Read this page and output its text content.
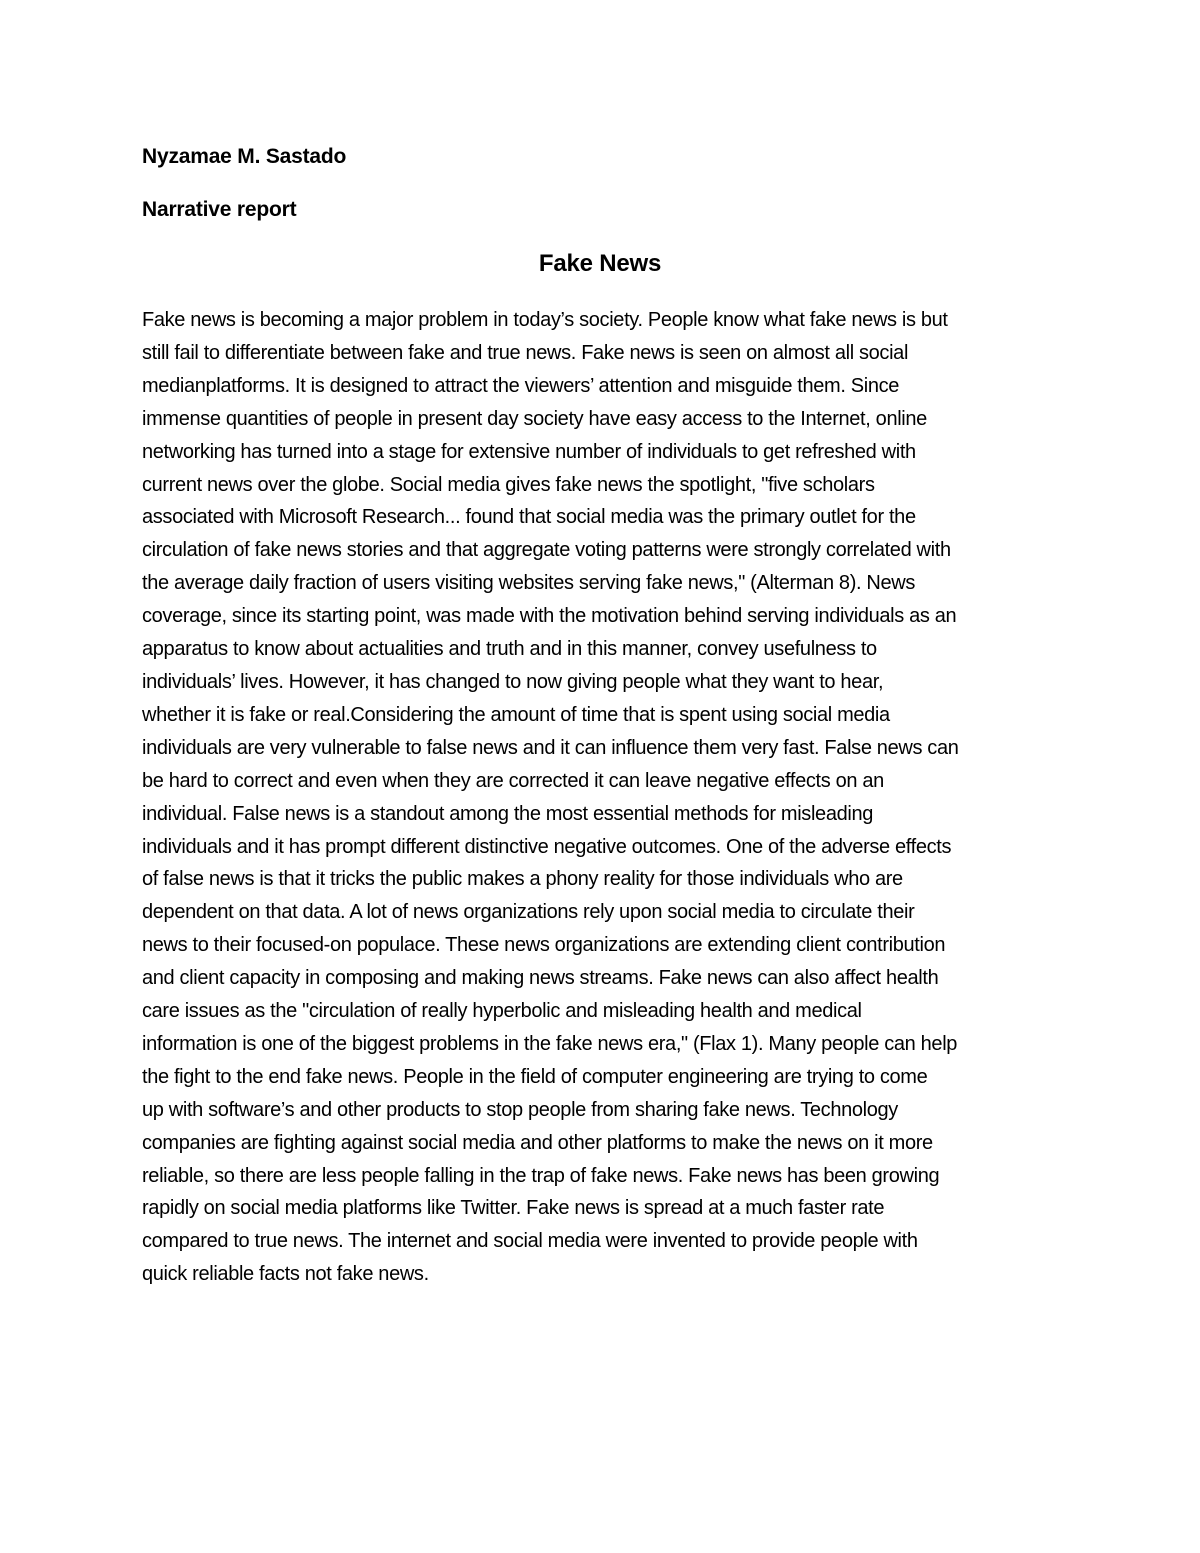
Nyzamae M. Sastado
Narrative report
Fake News
Fake news is becoming a major problem in today’s society. People know what fake news is but
still fail to differentiate between fake and true news. Fake news is seen on almost all social
medianplatforms. It is designed to attract the viewers’ attention and misguide them. Since
immense quantities of people in present day society have easy access to the Internet, online
networking has turned into a stage for extensive number of individuals to get refreshed with
current news over the globe. Social media gives fake news the spotlight, "five scholars
associated with Microsoft Research... found that social media was the primary outlet for the
circulation of fake news stories and that aggregate voting patterns were strongly correlated with
the average daily fraction of users visiting websites serving fake news," (Alterman 8). News
coverage, since its starting point, was made with the motivation behind serving individuals as an
apparatus to know about actualities and truth and in this manner, convey usefulness to
individuals’ lives. However, it has changed to now giving people what they want to hear,
whether it is fake or real.Considering the amount of time that is spent using social media
individuals are very vulnerable to false news and it can influence them very fast. False news can
be hard to correct and even when they are corrected it can leave negative effects on an
individual. False news is a standout among the most essential methods for misleading
individuals and it has prompt different distinctive negative outcomes. One of the adverse effects
of false news is that it tricks the public makes a phony reality for those individuals who are
dependent on that data. A lot of news organizations rely upon social media to circulate their
news to their focused-on populace. These news organizations are extending client contribution
and client capacity in composing and making news streams. Fake news can also affect health
care issues as the "circulation of really hyperbolic and misleading health and medical
information is one of the biggest problems in the fake news era," (Flax 1). Many people can help
the fight to the end fake news. People in the field of computer engineering are trying to come
up with software’s and other products to stop people from sharing fake news. Technology
companies are fighting against social media and other platforms to make the news on it more
reliable, so there are less people falling in the trap of fake news. Fake news has been growing
rapidly on social media platforms like Twitter. Fake news is spread at a much faster rate
compared to true news. The internet and social media were invented to provide people with
quick reliable facts not fake news.
